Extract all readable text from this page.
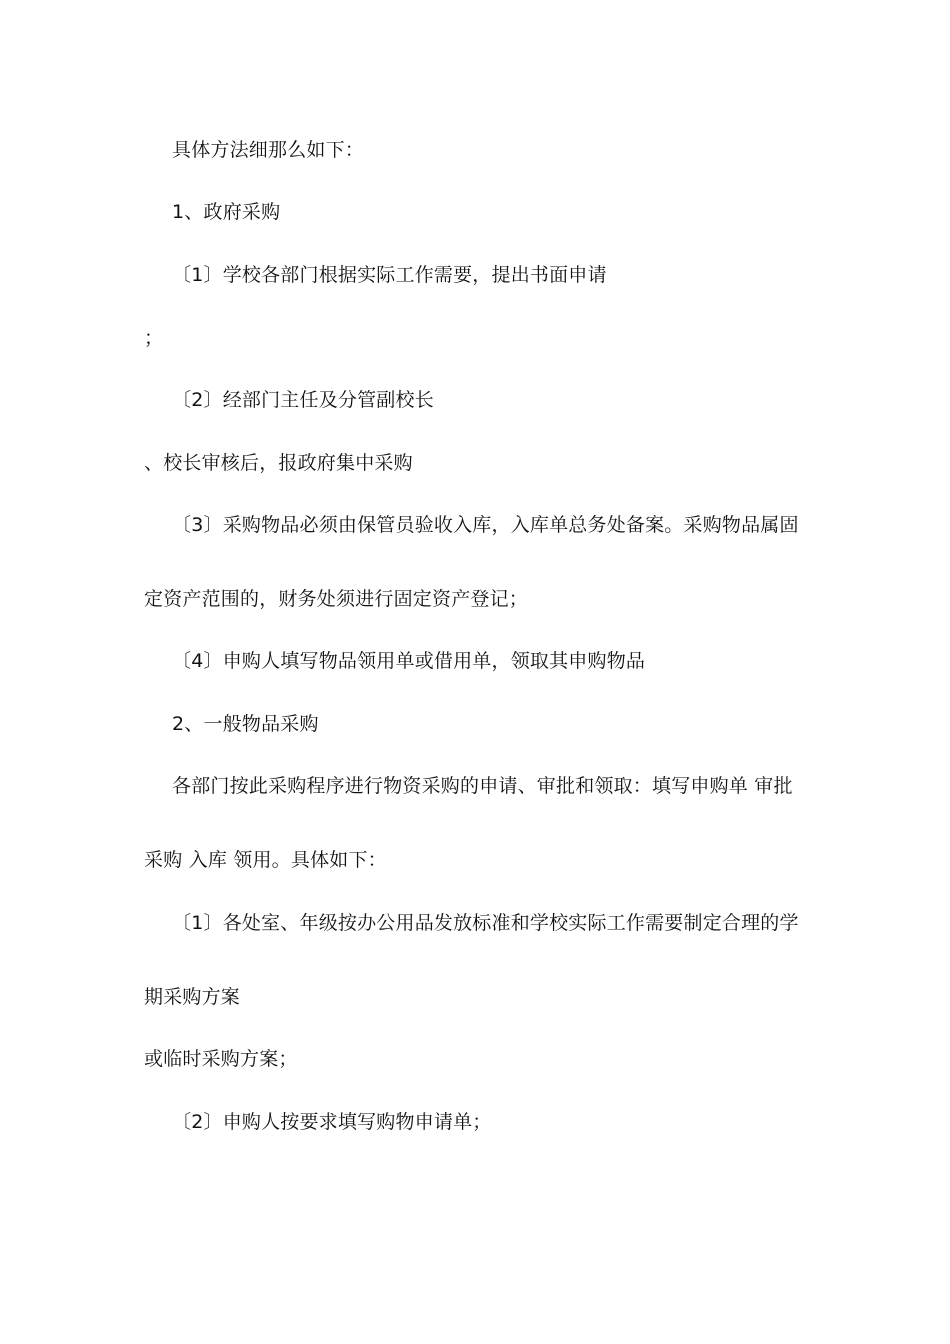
具体方法细那么如下：
1、政府采购
〔1〕学校各部门根据实际工作需要，提出书面申请
；
〔2〕经部门主任及分管副校长
、校长审核后，报政府集中采购
〔3〕采购物品必须由保管员验收入库，入库单总务处备案。采购物品属固
定资产范围的，财务处须进行固定资产登记；
〔4〕申购人填写物品领用单或借用单，领取其申购物品
2、一般物品采购
各部门按此采购程序进行物资采购的申请、审批和领取：填写申购单 审批
采购 入库 领用。具体如下：
〔1〕各处室、年级按办公用品发放标准和学校实际工作需要制定合理的学
期采购方案
或临时采购方案；
〔2〕申购人按要求填写购物申请单；
